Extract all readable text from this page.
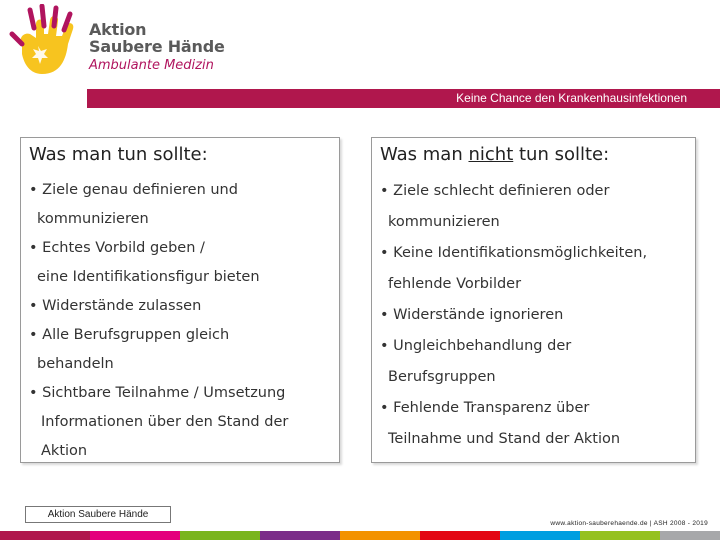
Aktion
Saubere Hände
Ambulante Medizin
Keine Chance den Krankenhausinfektionen
Was man tun sollte:

• Ziele genau definieren und
kommunizieren

• Echtes Vorbild geben /
eine Identifikationsfigur bieten

• Widerstände zulassen

• Alle Berufsgruppen gleich
behandeln

• Sichtbare Teilnahme / Umsetzung
Informationen über den Stand der
Aktion

Was man nicht tun sollte:

• Ziele schlecht definieren oder
kommunizieren

• Keine Identifikationsmöglichkeiten,
fehlende Vorbilder

• Widerstände ignorieren

• Ungleichbehandlung der
Berufsgruppen

• Fehlende Transparenz über
Teilnahme und Stand der Aktion

Aktion Saubere Hände
www.aktion-sauberehaende.de | ASH 2008 - 2019
